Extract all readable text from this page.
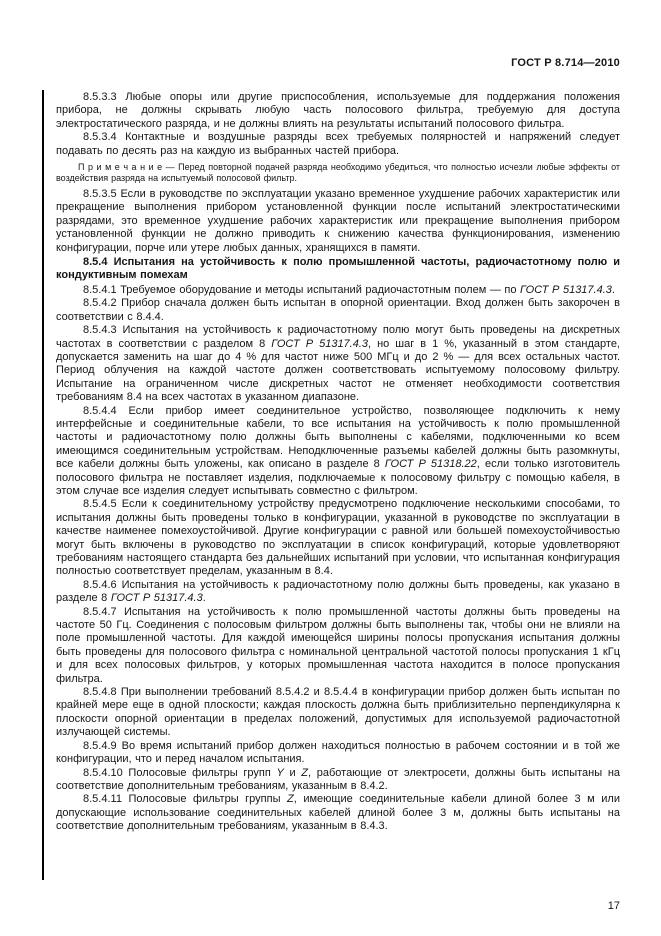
ГОСТ Р 8.714—2010

8.5.3.3 Любые опоры или другие приспособления, используемые для поддержания положения прибора, не должны скрывать любую часть полосового фильтра, требуемую для доступа электростатического разряда, и не должны влиять на результаты испытаний полосового фильтра.

8.5.3.4 Контактные и воздушные разряды всех требуемых полярностей и напряжений следует подавать по десять раз на каждую из выбранных частей прибора.

П р и м е ч а н и е — Перед повторной подачей разряда необходимо убедиться, что полностью исчезли любые эффекты от воздействия разряда на испытуемый полосовой фильтр.

8.5.3.5 Если в руководстве по эксплуатации указано временное ухудшение рабочих характеристик или прекращение выполнения прибором установленной функции после испытаний электростатическими разрядами, это временное ухудшение рабочих характеристик или прекращение выполнения прибором установленной функции не должно приводить к снижению качества функционирования, изменению конфигурации, порче или утере любых данных, хранящихся в памяти.

8.5.4 Испытания на устойчивость к полю промышленной частоты, радиочастотному полю и кондуктивным помехам

8.5.4.1 Требуемое оборудование и методы испытаний радиочастотным полем — по ГОСТ Р 51317.4.3.

8.5.4.2 Прибор сначала должен быть испытан в опорной ориентации. Вход должен быть закорочен в соответствии с 8.4.4.

8.5.4.3 Испытания на устойчивость к радиочастотному полю могут быть проведены на дискретных частотах в соответствии с разделом 8 ГОСТ Р 51317.4.3, но шаг в 1 %, указанный в этом стандарте, допускается заменить на шаг до 4 % для частот ниже 500 МГц и до 2 % — для всех остальных частот. Период облучения на каждой частоте должен соответствовать испытуемому полосовому фильтру. Испытание на ограниченном числе дискретных частот не отменяет необходимости соответствия требованиям 8.4 на всех частотах в указанном диапазоне.

8.5.4.4 Если прибор имеет соединительное устройство, позволяющее подключить к нему интерфейсные и соединительные кабели, то все испытания на устойчивость к полю промышленной частоты и радиочастотному полю должны быть выполнены с кабелями, подключенными ко всем имеющимся соединительным устройствам. Неподключенные разъемы кабелей должны быть разомкнуты, все кабели должны быть уложены, как описано в разделе 8 ГОСТ Р 51318.22, если только изготовитель полосового фильтра не поставляет изделия, подключаемые к полосовому фильтру с помощью кабеля, в этом случае все изделия следует испытывать совместно с фильтром.

8.5.4.5 Если к соединительному устройству предусмотрено подключение несколькими способами, то испытания должны быть проведены только в конфигурации, указанной в руководстве по эксплуатации в качестве наименее помехоустойчивой. Другие конфигурации с равной или большей помехоустойчивостью могут быть включены в руководство по эксплуатации в список конфигураций, которые удовлетворяют требованиям настоящего стандарта без дальнейших испытаний при условии, что испытанная конфигурация полностью соответствует пределам, указанным в 8.4.

8.5.4.6 Испытания на устойчивость к радиочастотному полю должны быть проведены, как указано в разделе 8 ГОСТ Р 51317.4.3.

8.5.4.7 Испытания на устойчивость к полю промышленной частоты должны быть проведены на частоте 50 Гц. Соединения с полосовым фильтром должны быть выполнены так, чтобы они не влияли на поле промышленной частоты. Для каждой имеющейся ширины полосы пропускания испытания должны быть проведены для полосового фильтра с номинальной центральной частотой полосы пропускания 1 кГц и для всех полосовых фильтров, у которых промышленная частота находится в полосе пропускания фильтра.

8.5.4.8 При выполнении требований 8.5.4.2 и 8.5.4.4 в конфигурации прибор должен быть испытан по крайней мере еще в одной плоскости; каждая плоскость должна быть приблизительно перпендикулярна к плоскости опорной ориентации в пределах положений, допустимых для используемой радиочастотной излучающей системы.

8.5.4.9 Во время испытаний прибор должен находиться полностью в рабочем состоянии и в той же конфигурации, что и перед началом испытания.

8.5.4.10 Полосовые фильтры групп Y и Z, работающие от электросети, должны быть испытаны на соответствие дополнительным требованиям, указанным в 8.4.2.

8.5.4.11 Полосовые фильтры группы Z, имеющие соединительные кабели длиной более 3 м или допускающие использование соединительных кабелей длиной более 3 м, должны быть испытаны на соответствие дополнительным требованиям, указанным в 8.4.3.

17
